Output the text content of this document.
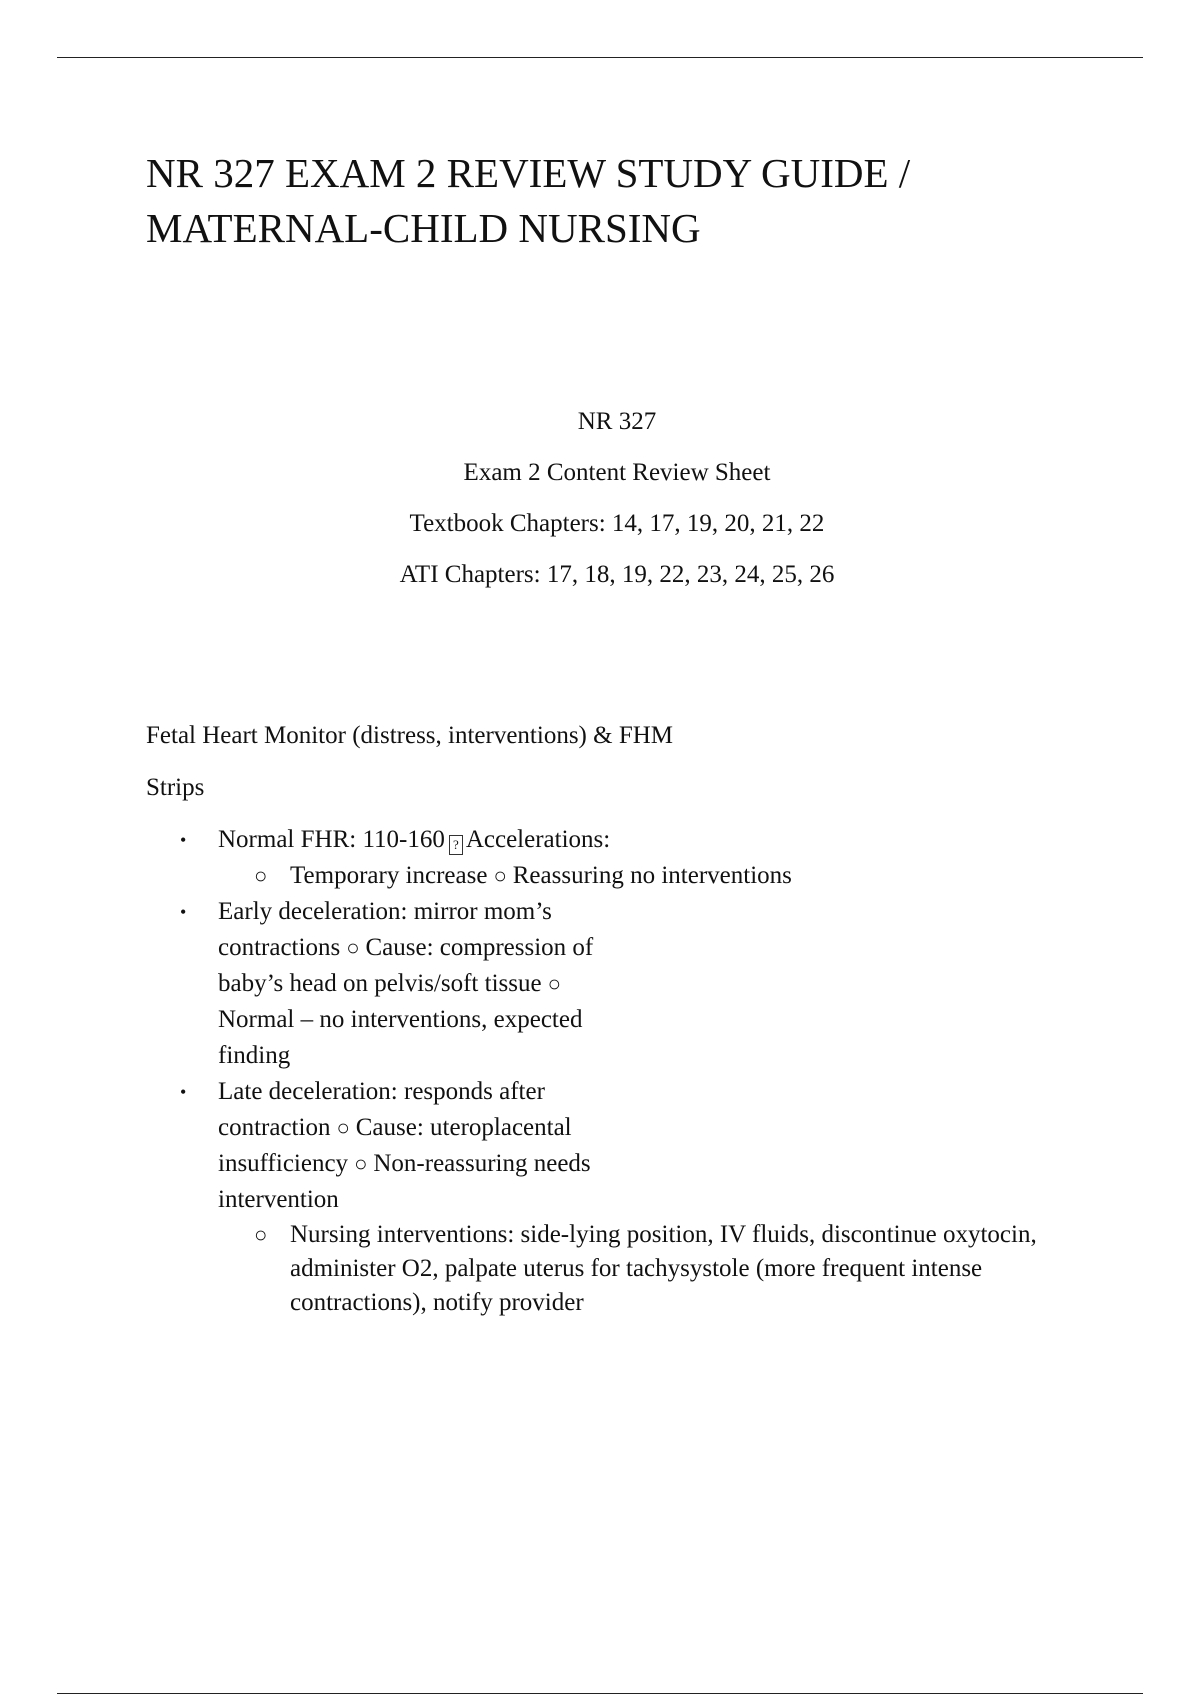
NR 327 EXAM 2 REVIEW STUDY GUIDE /
MATERNAL-CHILD NURSING
NR 327
Exam 2 Content Review Sheet
Textbook Chapters: 14, 17, 19, 20, 21, 22
ATI Chapters: 17, 18, 19, 22, 23, 24, 25, 26
Fetal Heart Monitor (distress, interventions) & FHM
Strips
• Normal FHR: 110-160 ? Accelerations:
○ Temporary increase ○ Reassuring no interventions
• Early deceleration: mirror mom’s
contractions ○ Cause: compression of
baby’s head on pelvis/soft tissue ○
Normal – no interventions, expected
finding
• Late deceleration: responds after
contraction ○ Cause: uteroplacental
insufficiency ○ Non-reassuring needs
intervention
○ Nursing interventions: side-lying position, IV fluids, discontinue oxytocin, administer O2, palpate uterus for tachysystole (more frequent intense contractions), notify provider
